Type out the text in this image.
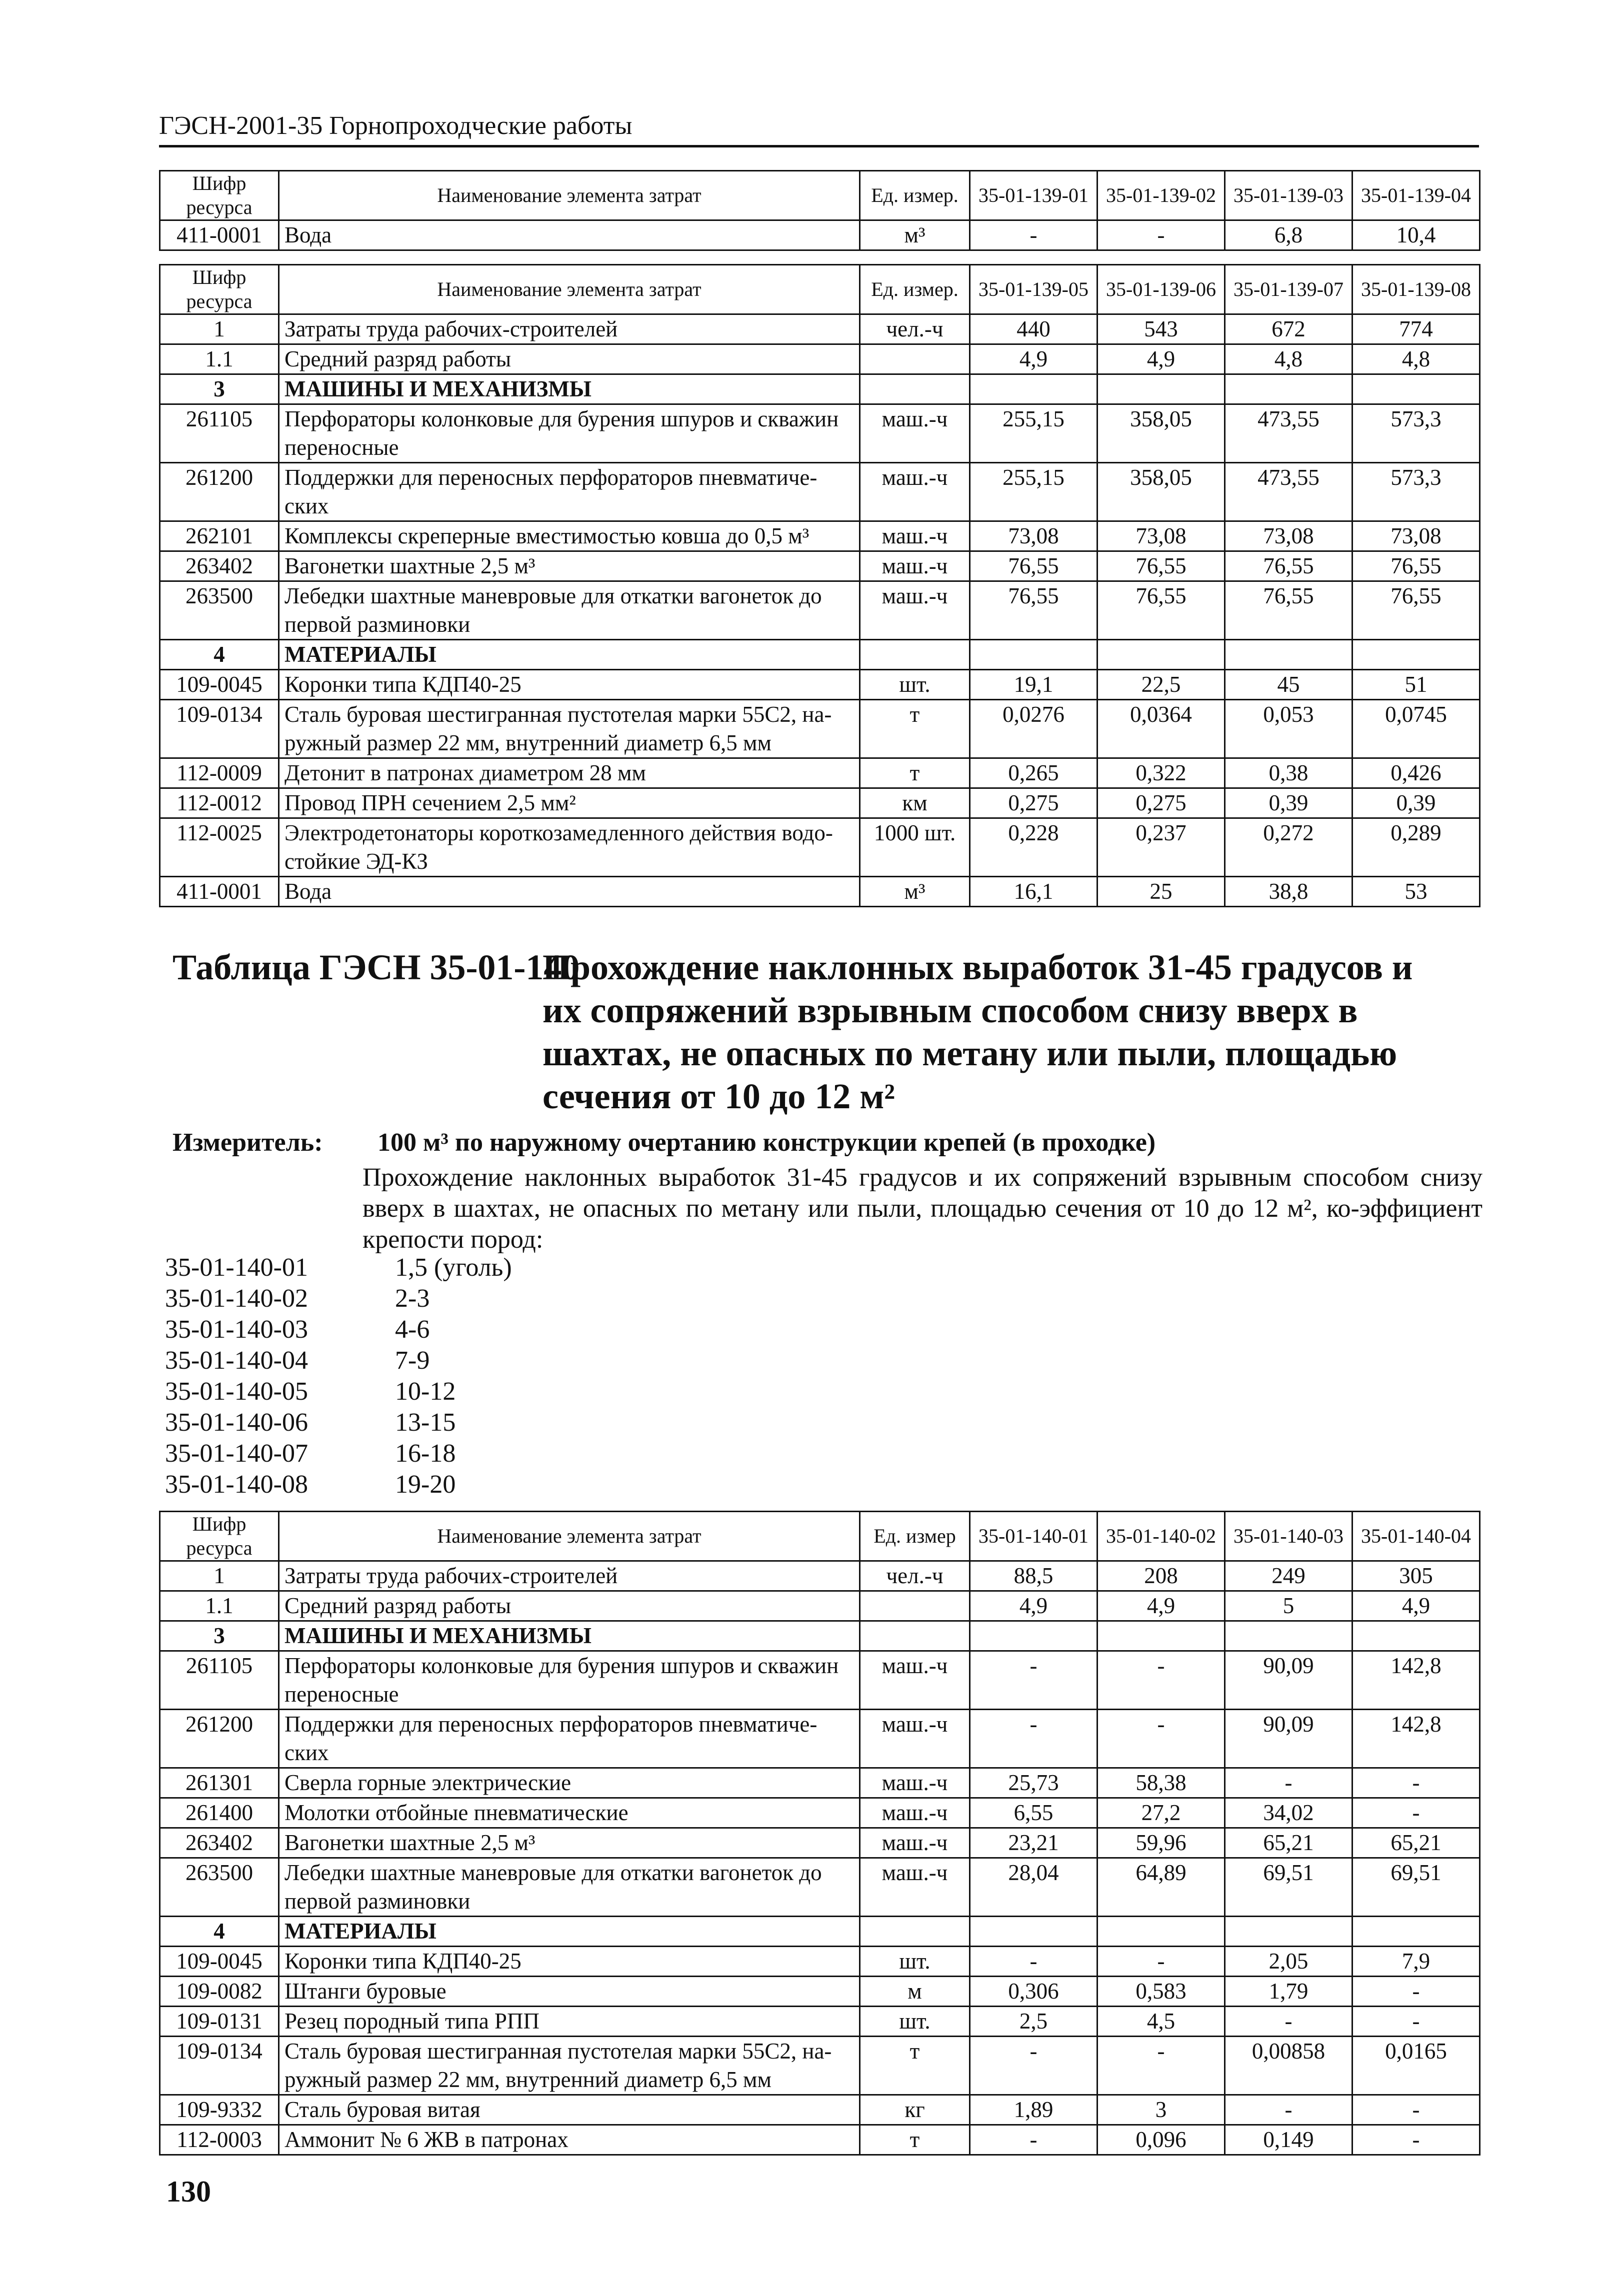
ГЭСН-2001-35 Горнопроходческие работы
Шифр ресурса	Наименование элемента затрат	Ед. измер.	35-01-139-01	35-01-139-02	35-01-139-03	35-01-139-04
411-0001	Вода	м³	-	-	6,8	10,4
Шифр ресурса	Наименование элемента затрат	Ед. измер.	35-01-139-05	35-01-139-06	35-01-139-07	35-01-139-08
1	Затраты труда рабочих-строителей	чел.-ч	440	543	672	774
1.1	Средний разряд работы		4,9	4,9	4,8	4,8
3	МАШИНЫ И МЕХАНИЗМЫ					
261105	Перфораторы колонковые для бурения шпуров и скважин переносные	маш.-ч	255,15	358,05	473,55	573,3
261200	Поддержки для переносных перфораторов пневматиче-ских	маш.-ч	255,15	358,05	473,55	573,3
262101	Комплексы скреперные вместимостью ковша до 0,5 м³	маш.-ч	73,08	73,08	73,08	73,08
263402	Вагонетки шахтные 2,5 м³	маш.-ч	76,55	76,55	76,55	76,55
263500	Лебедки шахтные маневровые для откатки вагонеток до первой разминовки	маш.-ч	76,55	76,55	76,55	76,55
4	МАТЕРИАЛЫ					
109-0045	Коронки типа КДП40-25	шт.	19,1	22,5	45	51
109-0134	Сталь буровая шестигранная пустотелая марки 55С2, на-ружный размер 22 мм, внутренний диаметр 6,5 мм	т	0,0276	0,0364	0,053	0,0745
112-0009	Детонит в патронах диаметром 28 мм	т	0,265	0,322	0,38	0,426
112-0012	Провод ПРН сечением 2,5 мм²	км	0,275	0,275	0,39	0,39
112-0025	Электродетонаторы короткозамедленного действия водо-стойкие ЭД-КЗ	1000 шт.	0,228	0,237	0,272	0,289
411-0001	Вода	м³	16,1	25	38,8	53
Таблица ГЭСН 35-01-140Прохождение наклонных выработок 31-45 градусов и их сопряжений взрывным способом снизу вверх в шахтах, не опасных по метану или пыли, площадью сечения от 10 до 12 м²
Измеритель: 100 м³ по наружному очертанию конструкции крепей (в проходке)
Прохождение наклонных выработок 31-45 градусов и их сопряжений взрывным способом снизу вверх в шахтах, не опасных по метану или пыли, площадью сечения от 10 до 12 м², ко-эффициент крепости пород:
35-01-140-01	1,5 (уголь)
35-01-140-02	2-3
35-01-140-03	4-6
35-01-140-04	7-9
35-01-140-05	10-12
35-01-140-06	13-15
35-01-140-07	16-18
35-01-140-08	19-20
Шифр ресурса	Наименование элемента затрат	Ед. измер	35-01-140-01	35-01-140-02	35-01-140-03	35-01-140-04
1	Затраты труда рабочих-строителей	чел.-ч	88,5	208	249	305
1.1	Средний разряд работы		4,9	4,9	5	4,9
3	МАШИНЫ И МЕХАНИЗМЫ					
261105	Перфораторы колонковые для бурения шпуров и скважин переносные	маш.-ч	-	-	90,09	142,8
261200	Поддержки для переносных перфораторов пневматиче-ских	маш.-ч	-	-	90,09	142,8
261301	Сверла горные электрические	маш.-ч	25,73	58,38	-	-
261400	Молотки отбойные пневматические	маш.-ч	6,55	27,2	34,02	-
263402	Вагонетки шахтные 2,5 м³	маш.-ч	23,21	59,96	65,21	65,21
263500	Лебедки шахтные маневровые для откатки вагонеток до первой разминовки	маш.-ч	28,04	64,89	69,51	69,51
4	МАТЕРИАЛЫ					
109-0045	Коронки типа КДП40-25	шт.	-	-	2,05	7,9
109-0082	Штанги буровые	м	0,306	0,583	1,79	-
109-0131	Резец породный типа РПП	шт.	2,5	4,5	-	-
109-0134	Сталь буровая шестигранная пустотелая марки 55С2, на-ружный размер 22 мм, внутренний диаметр 6,5 мм	т	-	-	0,00858	0,0165
109-9332	Сталь буровая витая	кг	1,89	3	-	-
112-0003	Аммонит № 6 ЖВ в патронах	т	-	0,096	0,149	-
130
